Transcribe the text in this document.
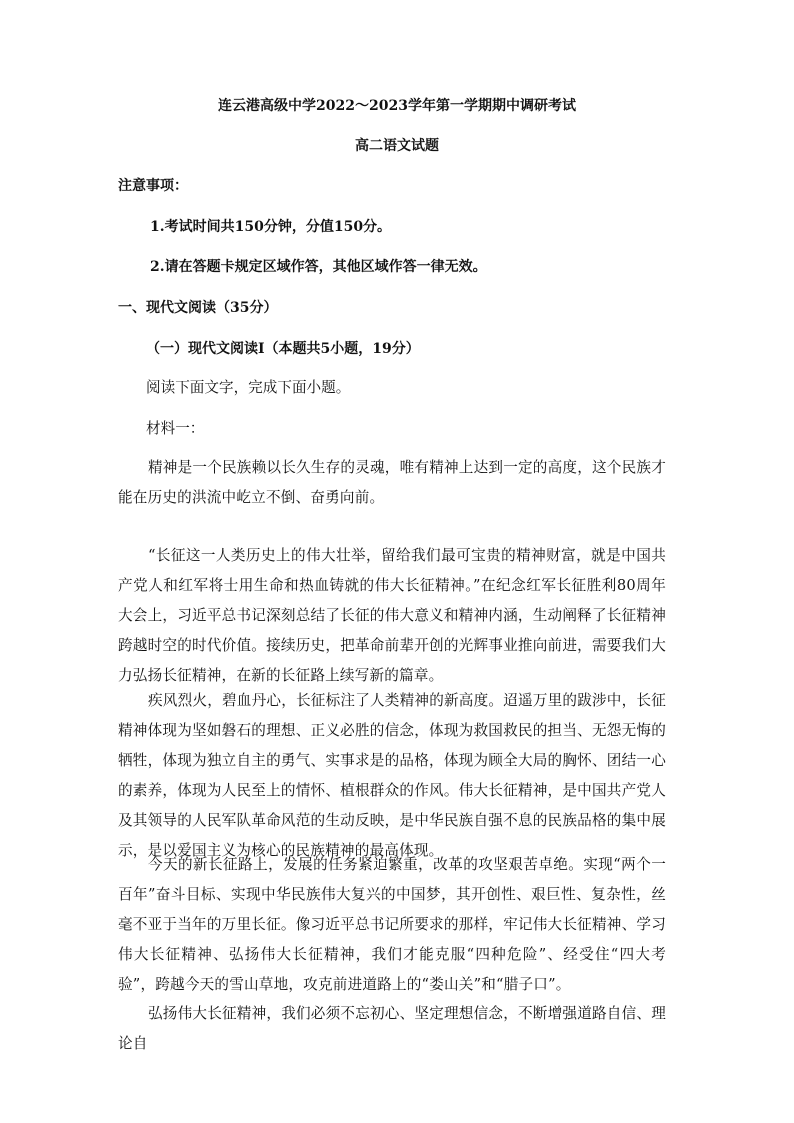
连云港高级中学2022～2023学年第一学期期中调研考试
高二语文试题
注意事项：
1.考试时间共150分钟，分值150分。
2.请在答题卡规定区域作答，其他区域作答一律无效。
一、现代文阅读（35分）
（一）现代文阅读Ⅰ（本题共5小题，19分）
阅读下面文字，完成下面小题。
材料一：
精神是一个民族赖以长久生存的灵魂，唯有精神上达到一定的高度，这个民族才能在历史的洪流中屹立不倒、奋勇向前。
“长征这一人类历史上的伟大壮举，留给我们最可宝贵的精神财富，就是中国共产党人和红军将士用生命和热血铸就的伟大长征精神。”在纪念红军长征胜利80周年大会上，习近平总书记深刻总结了长征的伟大意义和精神内涵，生动阐释了长征精神跨越时空的时代价值。接续历史，把革命前辈开创的光辉事业推向前进，需要我们大力弘扬长征精神，在新的长征路上续写新的篇章。
疾风烈火，碧血丹心，长征标注了人类精神的新高度。迢遥万里的跋涉中，长征精神体现为坚如磐石的理想、正义必胜的信念，体现为救国救民的担当、无怨无悔的牺牲，体现为独立自主的勇气、实事求是的品格，体现为顾全大局的胸怀、团结一心的素养，体现为人民至上的情怀、植根群众的作风。伟大长征精神，是中国共产党人及其领导的人民军队革命风范的生动反映，是中华民族自强不息的民族品格的集中展示，是以爱国主义为核心的民族精神的最高体现。
今天的新长征路上，发展的任务紧迫繁重，改革的攻坚艰苦卓绝。实现“两个一百年”奋斗目标、实现中华民族伟大复兴的中国梦，其开创性、艰巨性、复杂性，丝毫不亚于当年的万里长征。像习近平总书记所要求的那样，牢记伟大长征精神、学习伟大长征精神、弘扬伟大长征精神，我们才能克服“四种危险”、经受住“四大考验”，跨越今天的雪山草地，攻克前进道路上的“娄山关”和“腊子口”。
弘扬伟大长征精神，我们必须不忘初心、坚定理想信念，不断增强道路自信、理论自
